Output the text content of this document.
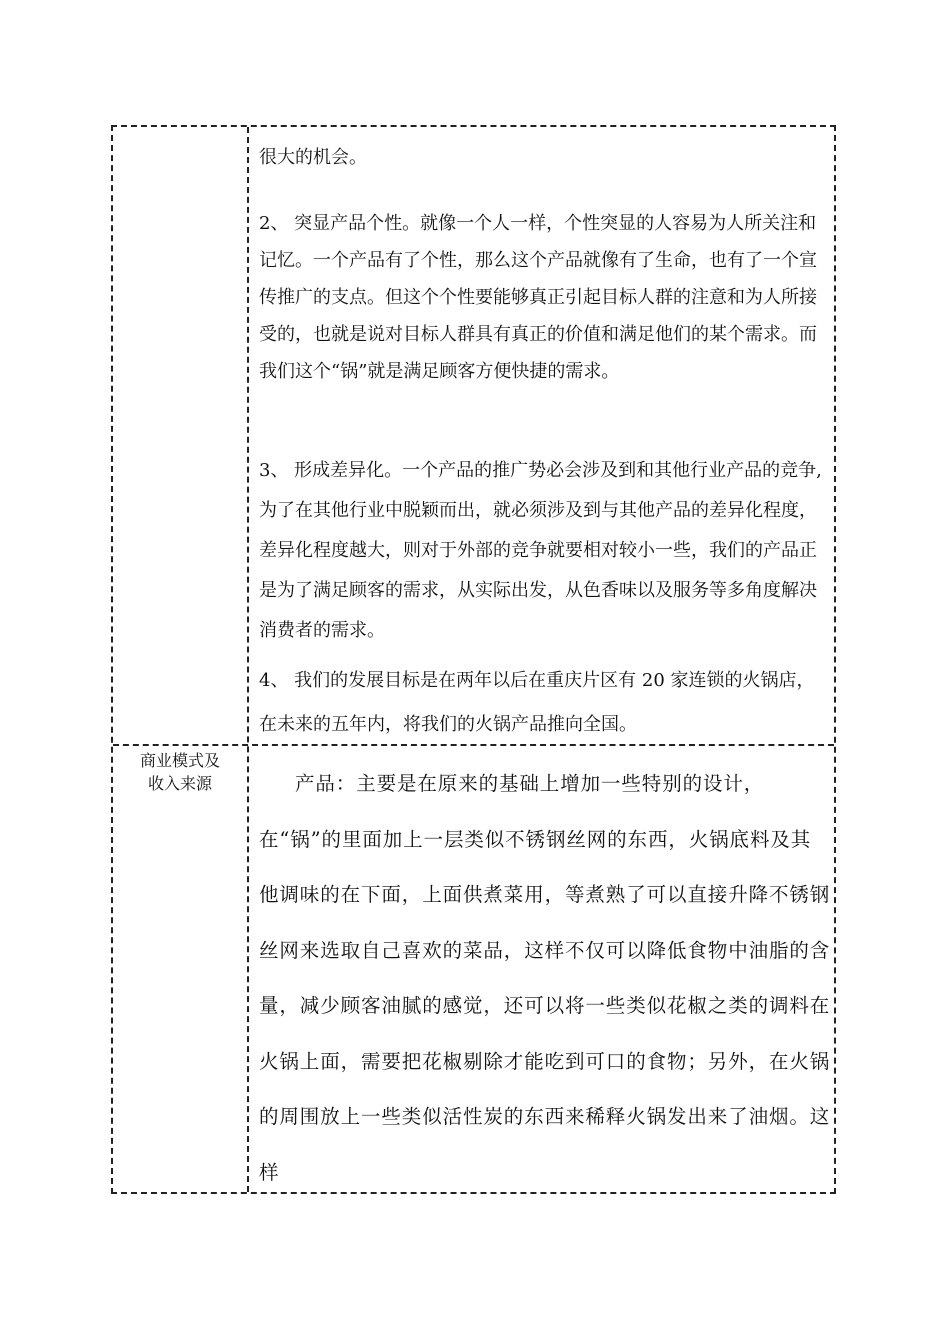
很大的机会。

2、 突显产品个性。就像一个人一样，个性突显的人容易为人所关注和记忆。一个产品有了个性，那么这个产品就像有了生命，也有了一个宣传推广的支点。但这个个性要能够真正引起目标人群的注意和为人所接受的，也就是说对目标人群具有真正的价值和满足他们的某个需求。而我们这个“锅”就是满足顾客方便快捷的需求。

3、 形成差异化。一个产品的推广势必会涉及到和其他行业产品的竞争,为了在其他行业中脱颖而出，就必须涉及到与其他产品的差异化程度，差异化程度越大，则对于外部的竞争就要相对较小一些，我们的产品正是为了满足顾客的需求，从实际出发，从色香味以及服务等多角度解决消费者的需求。

4、 我们的发展目标是在两年以后在重庆片区有 20 家连锁的火锅店，在未来的五年内，将我们的火锅产品推向全国。

商业模式及
收入来源	产品：主要是在原来的基础上增加一些特别的设计，在“锅”的里面加上一层类似不锈钢丝网的东西，火锅底料及其他调味的在下面，上面供煮菜用，等煮熟了可以直接升降不锈钢丝网来选取自己喜欢的菜品，这样不仅可以降低食物中油脂的含量，减少顾客油腻的感觉，还可以将一些类似花椒之类的调料在火锅上面，需要把花椒剔除才能吃到可口的食物；另外，在火锅的周围放上一些类似活性炭的东西来稀释火锅发出来了油烟。这样
